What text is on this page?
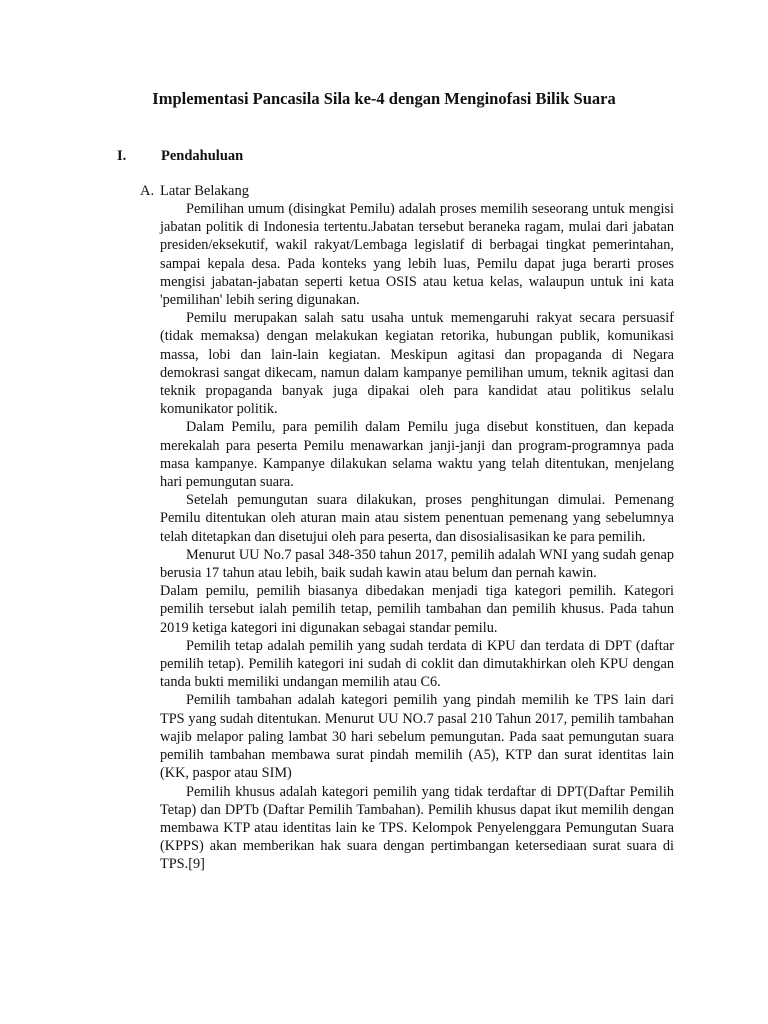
Implementasi Pancasila Sila ke-4 dengan Menginofasi Bilik Suara
I. Pendahuluan
A. Latar Belakang

Pemilihan umum (disingkat Pemilu) adalah proses memilih seseorang untuk mengisi jabatan politik di Indonesia tertentu.Jabatan tersebut beraneka ragam, mulai dari jabatan presiden/eksekutif, wakil rakyat/Lembaga legislatif di berbagai tingkat pemerintahan, sampai kepala desa. Pada konteks yang lebih luas, Pemilu dapat juga berarti proses mengisi jabatan-jabatan seperti ketua OSIS atau ketua kelas, walaupun untuk ini kata 'pemilihan' lebih sering digunakan.

Pemilu merupakan salah satu usaha untuk memengaruhi rakyat secara persuasif (tidak memaksa) dengan melakukan kegiatan retorika, hubungan publik, komunikasi massa, lobi dan lain-lain kegiatan. Meskipun agitasi dan propaganda di Negara demokrasi sangat dikecam, namun dalam kampanye pemilihan umum, teknik agitasi dan teknik propaganda banyak juga dipakai oleh para kandidat atau politikus selalu komunikator politik.

Dalam Pemilu, para pemilih dalam Pemilu juga disebut konstituen, dan kepada merekalah para peserta Pemilu menawarkan janji-janji dan program-programnya pada masa kampanye. Kampanye dilakukan selama waktu yang telah ditentukan, menjelang hari pemungutan suara.

Setelah pemungutan suara dilakukan, proses penghitungan dimulai. Pemenang Pemilu ditentukan oleh aturan main atau sistem penentuan pemenang yang sebelumnya telah ditetapkan dan disetujui oleh para peserta, dan disosialisasikan ke para pemilih.

Menurut UU No.7 pasal 348-350 tahun 2017, pemilih adalah WNI yang sudah genap berusia 17 tahun atau lebih, baik sudah kawin atau belum dan pernah kawin.

Dalam pemilu, pemilih biasanya dibedakan menjadi tiga kategori pemilih. Kategori pemilih tersebut ialah pemilih tetap, pemilih tambahan dan pemilih khusus. Pada tahun 2019 ketiga kategori ini digunakan sebagai standar pemilu.

Pemilih tetap adalah pemilih yang sudah terdata di KPU dan terdata di DPT (daftar pemilih tetap). Pemilih kategori ini sudah di coklit dan dimutakhirkan oleh KPU dengan tanda bukti memiliki undangan memilih atau C6.

Pemilih tambahan adalah kategori pemilih yang pindah memilih ke TPS lain dari TPS yang sudah ditentukan. Menurut UU NO.7 pasal 210 Tahun 2017, pemilih tambahan wajib melapor paling lambat 30 hari sebelum pemungutan. Pada saat pemungutan suara pemilih tambahan membawa surat pindah memilih (A5), KTP dan surat identitas lain (KK, paspor atau SIM)

Pemilih khusus adalah kategori pemilih yang tidak terdaftar di DPT(Daftar Pemilih Tetap) dan DPTb (Daftar Pemilih Tambahan). Pemilih khusus dapat ikut memilih dengan membawa KTP atau identitas lain ke TPS. Kelompok Penyelenggara Pemungutan Suara (KPPS) akan memberikan hak suara dengan pertimbangan ketersediaan surat suara di TPS.[9]
